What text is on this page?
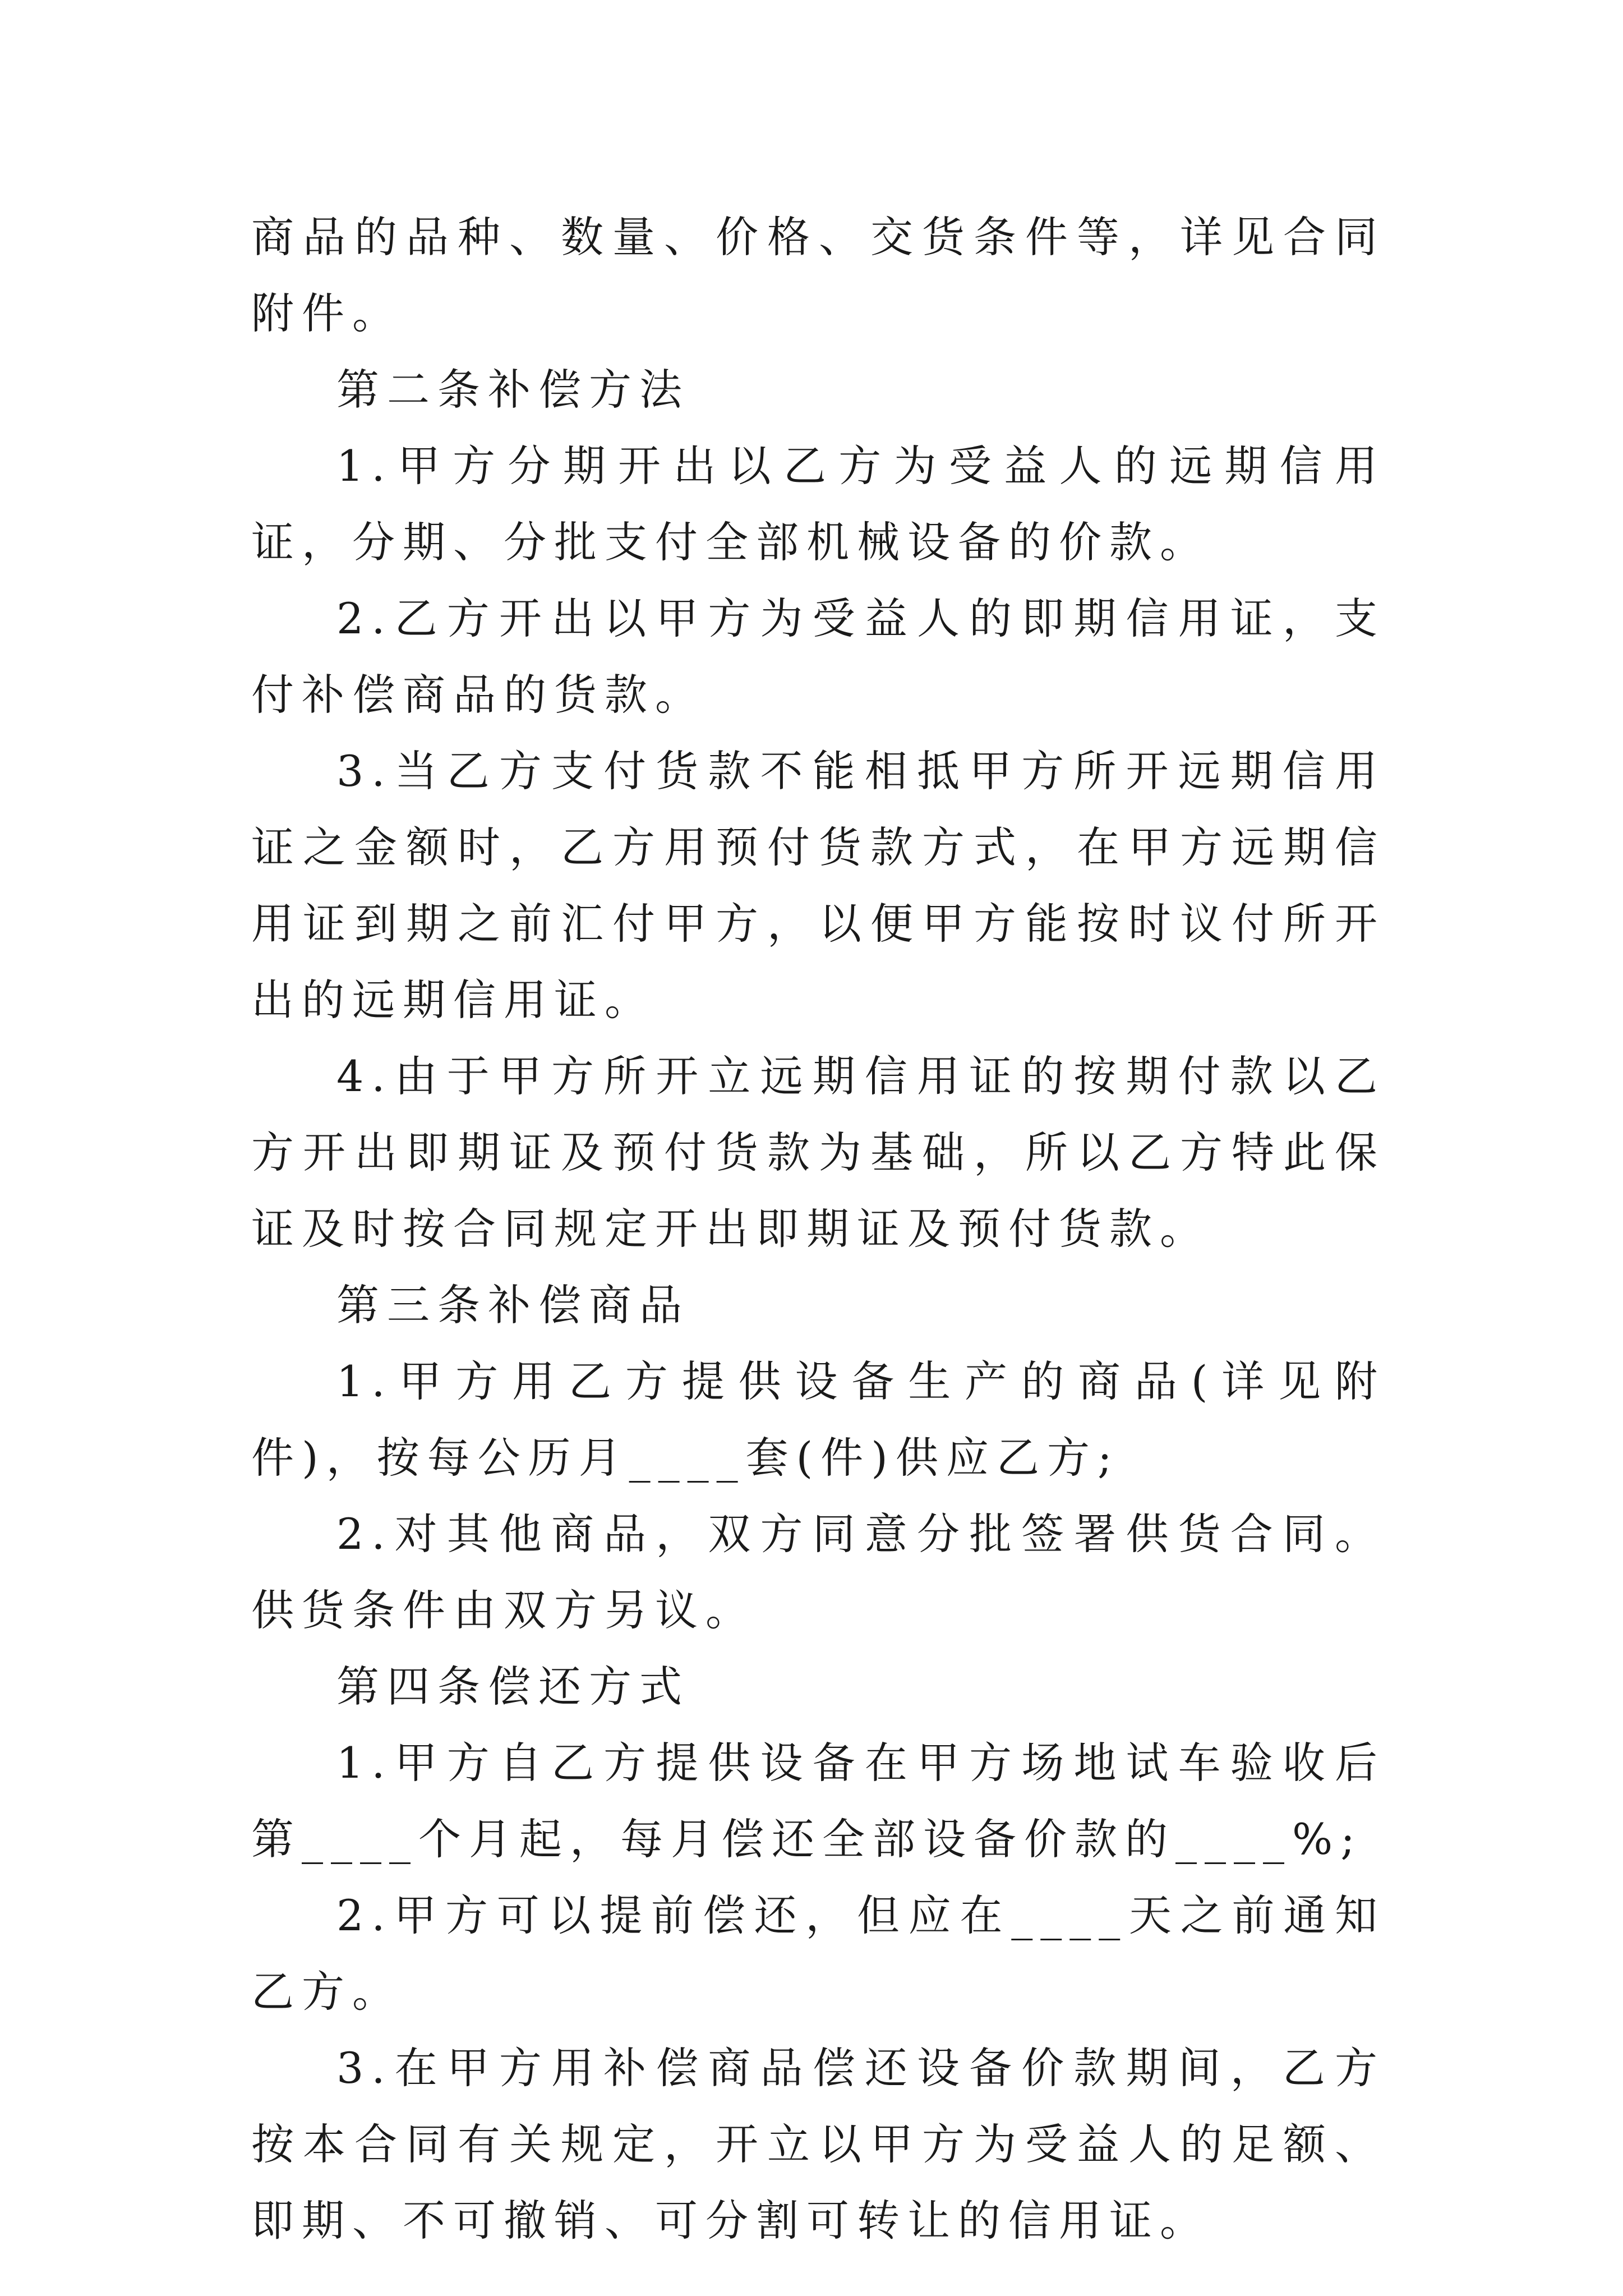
商品的品种、数量、价格、交货条件等，详见合同附件。

第二条补偿方法

1.甲方分期开出以乙方为受益人的远期信用证，分期、分批支付全部机械设备的价款。

2.乙方开出以甲方为受益人的即期信用证，支付补偿商品的货款。

3.当乙方支付货款不能相抵甲方所开远期信用证之金额时，乙方用预付货款方式，在甲方远期信用证到期之前汇付甲方，以便甲方能按时议付所开出的远期信用证。

4.由于甲方所开立远期信用证的按期付款以乙方开出即期证及预付货款为基础，所以乙方特此保证及时按合同规定开出即期证及预付货款。

第三条补偿商品

1.甲方用乙方提供设备生产的商品(详见附件)，按每公历月____套(件)供应乙方;

2.对其他商品，双方同意分批签署供货合同。供货条件由双方另议。

第四条偿还方式

1.甲方自乙方提供设备在甲方场地试车验收后第____个月起，每月偿还全部设备价款的____%;

2.甲方可以提前偿还，但应在____天之前通知乙方。

3.在甲方用补偿商品偿还设备价款期间，乙方按本合同有关规定，开立以甲方为受益人的足额、即期、不可撤销、可分割可转让的信用证。
